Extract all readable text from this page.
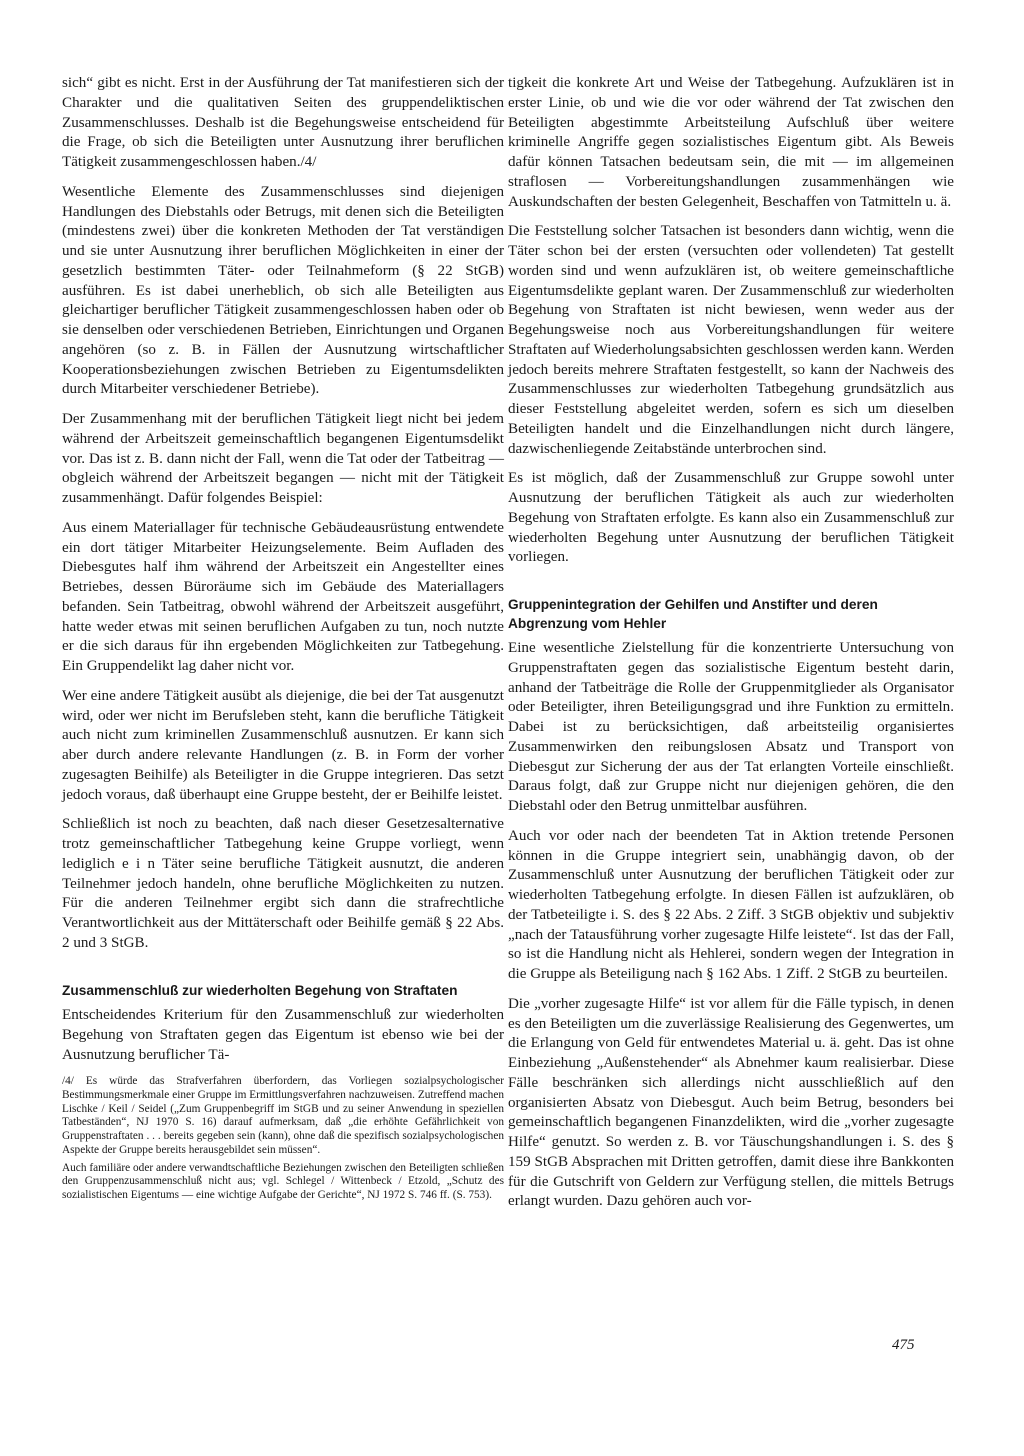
sich“ gibt es nicht. Erst in der Ausführung der Tat manifestieren sich der Charakter und die qualitativen Seiten des gruppendeliktischen Zusammenschlusses. Deshalb ist die Begehungsweise entscheidend für die Frage, ob sich die Beteiligten unter Ausnutzung ihrer beruflichen Tätigkeit zusammengeschlossen haben./4/

Wesentliche Elemente des Zusammenschlusses sind diejenigen Handlungen des Diebstahls oder Betrugs, mit denen sich die Beteiligten (mindestens zwei) über die konkreten Methoden der Tat verständigen und sie unter Ausnutzung ihrer beruflichen Möglichkeiten in einer der gesetzlich bestimmten Täter- oder Teilnahmeform (§ 22 StGB) ausführen. Es ist dabei unerheblich, ob sich alle Beteiligten aus gleichartiger beruflicher Tätigkeit zusammengeschlossen haben oder ob sie denselben oder verschiedenen Betrieben, Einrichtungen und Organen angehören (so z. B. in Fällen der Ausnutzung wirtschaftlicher Kooperationsbeziehungen zwischen Betrieben zu Eigentumsdelikten durch Mitarbeiter verschiedener Betriebe).

Der Zusammenhang mit der beruflichen Tätigkeit liegt nicht bei jedem während der Arbeitszeit gemeinschaftlich begangenen Eigentumsdelikt vor. Das ist z. B. dann nicht der Fall, wenn die Tat oder der Tatbeitrag — obgleich während der Arbeitszeit begangen — nicht mit der Tätigkeit zusammenhängt. Dafür folgendes Beispiel:

Aus einem Materiallager für technische Gebäudeausrüstung entwendete ein dort tätiger Mitarbeiter Heizungselemente. Beim Aufladen des Diebesgutes half ihm während der Arbeitszeit ein Angestellter eines Betriebes, dessen Büroräume sich im Gebäude des Materiallagers befanden. Sein Tatbeitrag, obwohl während der Arbeitszeit ausgeführt, hatte weder etwas mit seinen beruflichen Aufgaben zu tun, noch nutzte er die sich daraus für ihn ergebenden Möglichkeiten zur Tatbegehung. Ein Gruppendelikt lag daher nicht vor.

Wer eine andere Tätigkeit ausübt als diejenige, die bei der Tat ausgenutzt wird, oder wer nicht im Berufsleben steht, kann die berufliche Tätigkeit auch nicht zum kriminellen Zusammenschluß ausnutzen. Er kann sich aber durch andere relevante Handlungen (z. B. in Form der vorher zugesagten Beihilfe) als Beteiligter in die Gruppe integrieren. Das setzt jedoch voraus, daß überhaupt eine Gruppe besteht, der er Beihilfe leistet.

Schließlich ist noch zu beachten, daß nach dieser Gesetzesalternative trotz gemeinschaftlicher Tatbegehung keine Gruppe vorliegt, wenn lediglich e i n Täter seine berufliche Tätigkeit ausnutzt, die anderen Teilnehmer jedoch handeln, ohne berufliche Möglichkeiten zu nutzen. Für die anderen Teilnehmer ergibt sich dann die strafrechtliche Verantwortlichkeit aus der Mittäterschaft oder Beihilfe gemäß § 22 Abs. 2 und 3 StGB.

Zusammenschluß zur wiederholten Begehung von Straftaten

Entscheidendes Kriterium für den Zusammenschluß zur wiederholten Begehung von Straftaten gegen das Eigentum ist ebenso wie bei der Ausnutzung beruflicher Tä-

/4/ Es würde das Strafverfahren überfordern, das Vorliegen sozialpsychologischer Bestimmungsmerkmale einer Gruppe im Ermittlungsverfahren nachzuweisen. Zutreffend machen Lischke / Keil / Seidel („Zum Gruppenbegriff im StGB und zu seiner Anwendung in speziellen Tatbeständen“, NJ 1970 S. 16) darauf aufmerksam, daß „die erhöhte Gefährlichkeit von Gruppenstraftaten . . . bereits gegeben sein (kann), ohne daß die spezifisch sozialpsychologischen Aspekte der Gruppe bereits herausgebildet sein müssen“.

Auch familiäre oder andere verwandtschaftliche Beziehungen zwischen den Beteiligten schließen den Gruppenzusammenschluß nicht aus; vgl. Schlegel / Wittenbeck / Etzold, „Schutz des sozialistischen Eigentums — eine wichtige Aufgabe der Gerichte“, NJ 1972 S. 746 ff. (S. 753).

tigkeit die konkrete Art und Weise der Tatbegehung. Aufzuklären ist in erster Linie, ob und wie die vor oder während der Tat zwischen den Beteiligten abgestimmte Arbeitsteilung Aufschluß über weitere kriminelle Angriffe gegen sozialistisches Eigentum gibt. Als Beweis dafür können Tatsachen bedeutsam sein, die mit — im allgemeinen straflosen — Vorbereitungshandlungen zusammenhängen wie Auskundschaften der besten Gelegenheit, Beschaffen von Tatmitteln u. ä.

Die Feststellung solcher Tatsachen ist besonders dann wichtig, wenn die Täter schon bei der ersten (versuchten oder vollendeten) Tat gestellt worden sind und wenn aufzuklären ist, ob weitere gemeinschaftliche Eigentumsdelikte geplant waren. Der Zusammenschluß zur wiederholten Begehung von Straftaten ist nicht bewiesen, wenn weder aus der Begehungsweise noch aus Vorbereitungshandlungen für weitere Straftaten auf Wiederholungsabsichten geschlossen werden kann. Werden jedoch bereits mehrere Straftaten festgestellt, so kann der Nachweis des Zusammenschlusses zur wiederholten Tatbegehung grundsätzlich aus dieser Feststellung abgeleitet werden, sofern es sich um dieselben Beteiligten handelt und die Einzelhandlungen nicht durch längere, dazwischenliegende Zeitabstände unterbrochen sind.

Es ist möglich, daß der Zusammenschluß zur Gruppe sowohl unter Ausnutzung der beruflichen Tätigkeit als auch zur wiederholten Begehung von Straftaten erfolgte. Es kann also ein Zusammenschluß zur wiederholten Begehung unter Ausnutzung der beruflichen Tätigkeit vorliegen.

Gruppenintegration der Gehilfen und Anstifter und deren Abgrenzung vom Hehler

Eine wesentliche Zielstellung für die konzentrierte Untersuchung von Gruppenstraftaten gegen das sozialistische Eigentum besteht darin, anhand der Tatbeiträge die Rolle der Gruppenmitglieder als Organisator oder Beteiligter, ihren Beteiligungsgrad und ihre Funktion zu ermitteln. Dabei ist zu berücksichtigen, daß arbeitsteilig organisiertes Zusammenwirken den reibungslosen Absatz und Transport von Diebesgut zur Sicherung der aus der Tat erlangten Vorteile einschließt. Daraus folgt, daß zur Gruppe nicht nur diejenigen gehören, die den Diebstahl oder den Betrug unmittelbar ausführen.

Auch vor oder nach der beendeten Tat in Aktion tretende Personen können in die Gruppe integriert sein, unabhängig davon, ob der Zusammenschluß unter Ausnutzung der beruflichen Tätigkeit oder zur wiederholten Tatbegehung erfolgte. In diesen Fällen ist aufzuklären, ob der Tatbeteiligte i. S. des § 22 Abs. 2 Ziff. 3 StGB objektiv und subjektiv „nach der Tatausführung vorher zugesagte Hilfe leistete“. Ist das der Fall, so ist die Handlung nicht als Hehlerei, sondern wegen der Integration in die Gruppe als Beteiligung nach § 162 Abs. 1 Ziff. 2 StGB zu beurteilen.

Die „vorher zugesagte Hilfe“ ist vor allem für die Fälle typisch, in denen es den Beteiligten um die zuverlässige Realisierung des Gegenwertes, um die Erlangung von Geld für entwendetes Material u. ä. geht. Das ist ohne Einbeziehung „Außenstehender“ als Abnehmer kaum realisierbar. Diese Fälle beschränken sich allerdings nicht ausschließlich auf den organisierten Absatz von Diebesgut. Auch beim Betrug, besonders bei gemeinschaftlich begangenen Finanzdelikten, wird die „vorher zugesagte Hilfe“ genutzt. So werden z. B. vor Täuschungshandlungen i. S. des § 159 StGB Absprachen mit Dritten getroffen, damit diese ihre Bankkonten für die Gutschrift von Geldern zur Verfügung stellen, die mittels Betrugs erlangt wurden. Dazu gehören auch vor-

475
